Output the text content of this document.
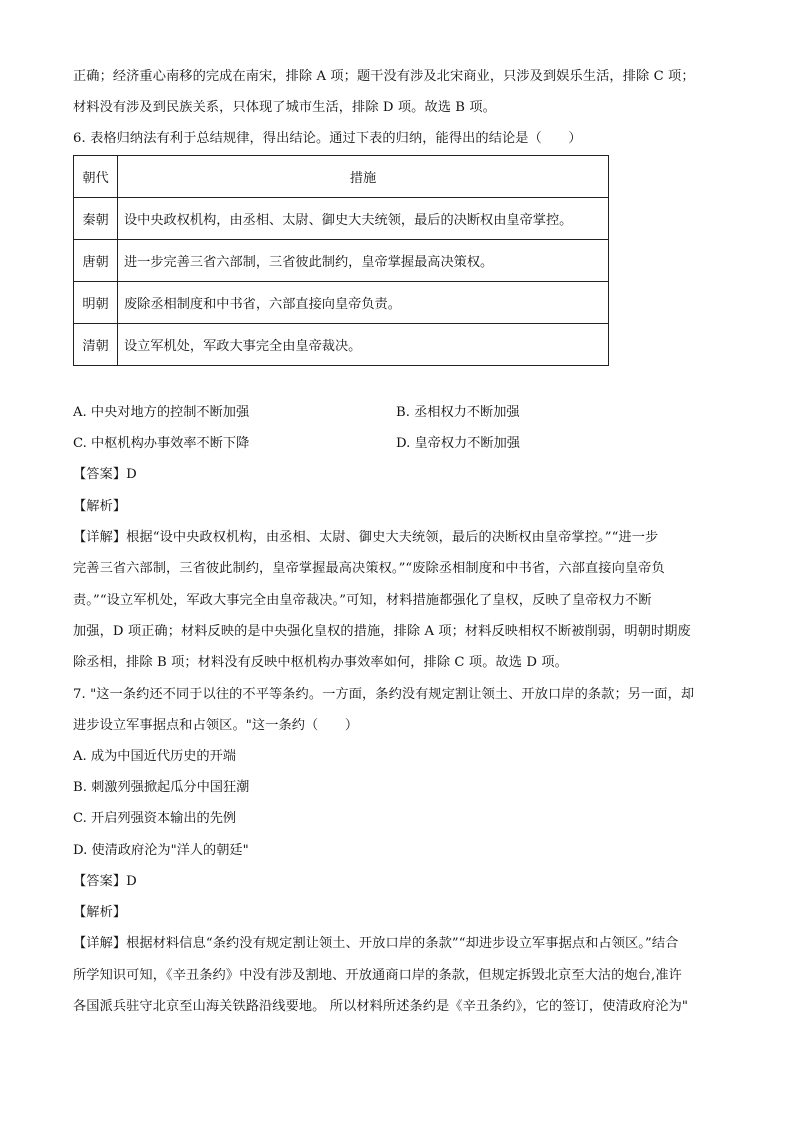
正确；经济重心南移的完成在南宋，排除 A 项；题干没有涉及北宋商业，只涉及到娱乐生活，排除 C 项；
材料没有涉及到民族关系，只体现了城市生活，排除 D 项。故选 B 项。
6. 表格归纳法有利于总结规律，得出结论。通过下表的归纳，能得出的结论是（　　）
朝代	措施
秦朝	设中央政权机构，由丞相、太尉、御史大夫统领，最后的决断权由皇帝掌控。
唐朝	进一步完善三省六部制，三省彼此制约，皇帝掌握最高决策权。
明朝	废除丞相制度和中书省，六部直接向皇帝负责。
清朝	设立军机处，军政大事完全由皇帝裁决。
A. 中央对地方的控制不断加强	B. 丞相权力不断加强
C. 中枢机构办事效率不断下降	D. 皇帝权力不断加强
【答案】D
【解析】
【详解】根据“设中央政权机构，由丞相、太尉、御史大夫统领，最后的决断权由皇帝掌控。”“进一步
完善三省六部制，三省彼此制约，皇帝掌握最高决策权。”“废除丞相制度和中书省，六部直接向皇帝负
责。”“设立军机处，军政大事完全由皇帝裁决。”可知，材料措施都强化了皇权，反映了皇帝权力不断
加强，D 项正确；材料反映的是中央强化皇权的措施，排除 A 项；材料反映相权不断被削弱，明朝时期废
除丞相，排除 B 项；材料没有反映中枢机构办事效率如何，排除 C 项。故选 D 项。
7. "这一条约还不同于以往的不平等条约。一方面，条约没有规定割让领土、开放口岸的条款；另一面，却
进步设立军事据点和占领区。"这一条约（　　）
A. 成为中国近代历史的开端
B. 刺激列强掀起瓜分中国狂潮
C. 开启列强资本输出的先例
D. 使清政府沦为"洋人的朝廷"
【答案】D
【解析】
【详解】根据材料信息“条约没有规定割让领土、开放口岸的条款”“却进步设立军事据点和占领区。”结合
所学知识可知，《辛丑条约》中没有涉及割地、开放通商口岸的条款，但规定拆毁北京至大沽的炮台,准许
各国派兵驻守北京至山海关铁路沿线要地。 所以材料所述条约是《辛丑条约》，它的签订，使清政府沦为"
